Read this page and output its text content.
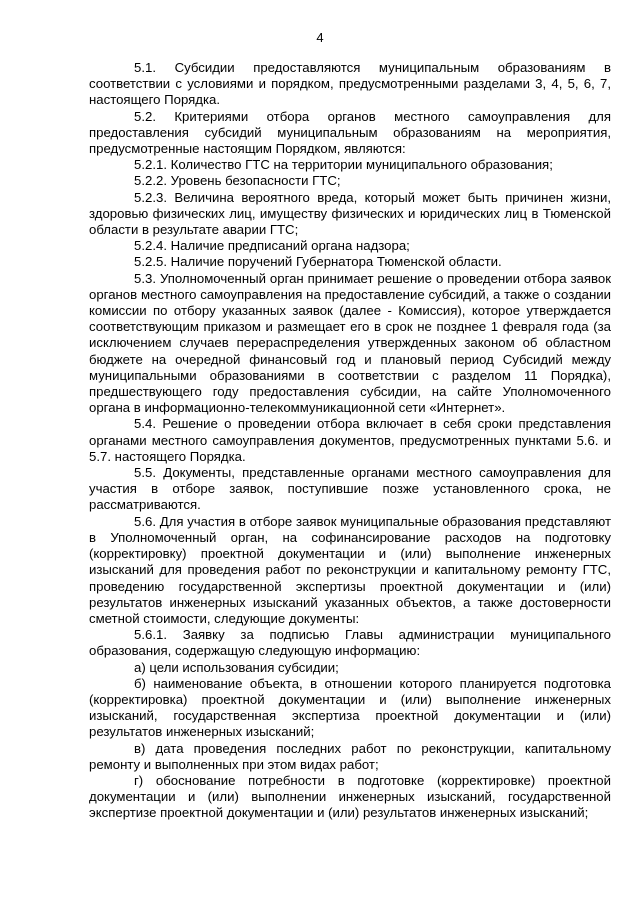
4

5.1. Субсидии предоставляются муниципальным образованиям в соответствии с условиями и порядком, предусмотренными разделами 3, 4, 5, 6, 7, настоящего Порядка.

5.2. Критериями отбора органов местного самоуправления для предоставления субсидий муниципальным образованиям на мероприятия, предусмотренные настоящим Порядком, являются:

5.2.1. Количество ГТС на территории муниципального образования;

5.2.2. Уровень безопасности ГТС;

5.2.3. Величина вероятного вреда, который может быть причинен жизни, здоровью физических лиц, имуществу физических и юридических лиц в Тюменской области в результате аварии ГТС;

5.2.4. Наличие предписаний органа надзора;

5.2.5. Наличие поручений Губернатора Тюменской области.

5.3. Уполномоченный орган принимает решение о проведении отбора заявок органов местного самоуправления на предоставление субсидий, а также о создании комиссии по отбору указанных заявок (далее - Комиссия), которое утверждается соответствующим приказом и размещает его в срок не позднее 1 февраля года (за исключением случаев перераспределения утвержденных законом об областном бюджете на очередной финансовый год и плановый период Субсидий между муниципальными образованиями в соответствии с разделом 11 Порядка), предшествующего году предоставления субсидии, на сайте Уполномоченного органа в информационно-телекоммуникационной сети «Интернет».

5.4. Решение о проведении отбора включает в себя сроки представления органами местного самоуправления документов, предусмотренных пунктами 5.6. и 5.7. настоящего Порядка.

5.5. Документы, представленные органами местного самоуправления для участия в отборе заявок, поступившие позже установленного срока, не рассматриваются.

5.6. Для участия в отборе заявок муниципальные образования представляют в Уполномоченный орган, на софинансирование расходов на подготовку (корректировку) проектной документации и (или) выполнение инженерных изысканий для проведения работ по реконструкции и капитальному ремонту ГТС, проведению государственной экспертизы проектной документации и (или) результатов инженерных изысканий указанных объектов, а также достоверности сметной стоимости, следующие документы:

5.6.1. Заявку за подписью Главы администрации муниципального образования, содержащую следующую информацию:

а) цели использования субсидии;

б) наименование объекта, в отношении которого планируется подготовка (корректировка) проектной документации и (или) выполнение инженерных изысканий, государственная экспертиза проектной документации и (или) результатов инженерных изысканий;

в) дата проведения последних работ по реконструкции, капитальному ремонту и выполненных при этом видах работ;

г) обоснование потребности в подготовке (корректировке) проектной документации и (или) выполнении инженерных изысканий, государственной экспертизе проектной документации и (или) результатов инженерных изысканий;
